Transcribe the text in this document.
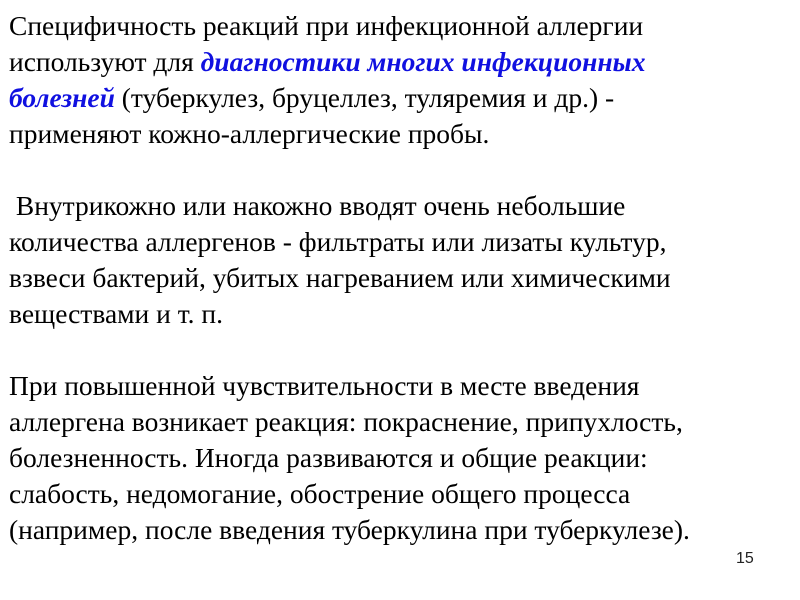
Специфичность реакций при инфекционной аллергии
используют для диагностики многих инфекционных
болезней (туберкулез, бруцеллез, туляремия и др.) -
применяют кожно-аллергические пробы.
Внутрикожно или накожно вводят очень небольшие
количества аллергенов - фильтраты или лизаты культур,
взвеси бактерий, убитых нагреванием или химическими
веществами и т. п.
При повышенной чувствительности в месте введения
аллергена возникает реакция: покраснение, припухлость,
болезненность. Иногда развиваются и общие реакции:
слабость, недомогание, обострение общего процесса
(например, после введения туберкулина при туберкулезе).
15
